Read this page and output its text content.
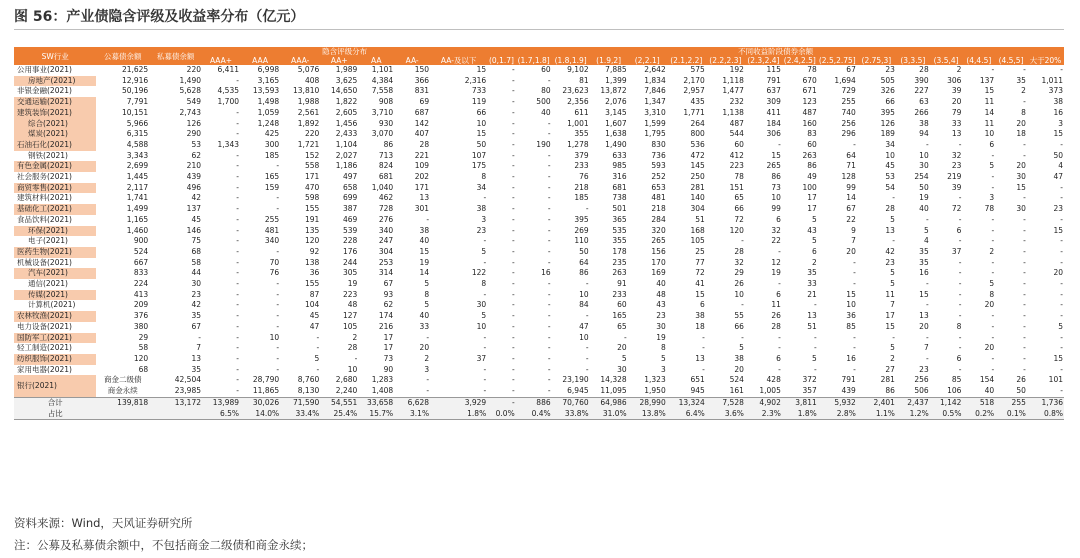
图 56：产业债隐含评级及收益率分布（亿元）
SW行业	公募债余额	私募债余额	隐含评级分布							不同收益阶段债券余额															
			AAA+	AAA	AAA-	AA+	AA	AA-	AA-及以下	(0,1.7]	(1.7,1.8]	(1.8,1.9]	(1.9,2]	(2,2.1]	(2.1,2.2]	(2.2,2.3]	(2.3,2.4]	(2.4,2.5]	(2.5,2.75]	(2.75,3]	(3,3.5]	(3.5,4]	(4,4.5]	(4.5,5]	大于20%
公用事业(2021)	21,625	220	6,411	6,998	5,076	1,989	1,101	150	15	-	60	9,102	7,885	2,642	575	192	115	78	67	23	28	2	-	-	-
房地产(2021)	12,916	1,490	-	3,165	408	3,625	4,384	366	2,316	-	-	81	1,399	1,834	2,170	1,118	791	670	1,694	505	390	306	137	35	1,011
非银金融(2021)	50,196	5,628	4,535	13,593	13,810	14,650	7,558	831	733	-	80	23,623	13,872	7,846	2,957	1,477	637	671	729	326	227	39	15	2	373
交通运输(2021)	7,791	549	1,700	1,498	1,988	1,822	908	69	119	-	500	2,356	2,076	1,347	435	232	309	123	255	66	63	20	11	-	38
建筑装饰(2021)	10,151	2,743	-	1,059	2,561	2,605	3,710	687	66	-	40	611	3,145	3,310	1,771	1,138	411	487	740	395	266	79	14	8	16
综合(2021)	5,966	126	-	1,248	1,892	1,456	930	142	10	-	-	1,001	1,607	1,599	264	487	184	160	256	126	38	33	11	20	3
煤炭(2021)	6,315	290	-	425	220	2,433	3,070	407	15	-	-	355	1,638	1,795	800	544	306	83	296	189	94	13	10	18	15
石油石化(2021)	4,588	53	1,343	300	1,721	1,104	86	28	50	-	190	1,278	1,490	830	536	60	-	60	-	34	-	-	6	-	-
钢铁(2021)	3,343	62	-	185	152	2,027	713	221	107	-	-	379	633	736	472	412	15	263	64	10	10	32	-	-	50
有色金属(2021)	2,699	210	-	-	558	1,186	824	109	175	-	-	233	985	593	145	223	265	86	71	45	30	23	5	20	4
社会服务(2021)	1,445	439	-	165	171	497	681	202	8	-	-	76	316	252	250	78	86	49	128	53	254	219	-	30	47
商贸零售(2021)	2,117	496	-	159	470	658	1,040	171	34	-	-	218	681	653	281	151	73	100	99	54	50	39	-	15	-
建筑材料(2021)	1,741	42	-	-	598	699	462	13	-	-	-	185	738	481	140	65	10	17	14	-	19	-	3	-	-
基础化工(2021)	1,499	137	-	-	155	387	728	301	38	-	-	-	501	218	304	66	99	17	67	28	40	72	78	30	23
食品饮料(2021)	1,165	45	-	255	191	469	276	-	3	-	-	395	365	284	51	72	6	5	22	5	-	-	-	-	-
环保(2021)	1,460	146	-	481	135	539	340	38	23	-	-	269	535	320	168	120	32	43	9	13	5	6	-	-	15
电子(2021)	900	75	-	340	120	228	247	40	-	-	-	110	355	265	105	-	22	5	7	-	4	-	-	-	-
医药生物(2021)	524	68	-	-	92	176	304	15	5	-	-	50	178	156	25	28	-	6	20	42	35	37	2	-	-
机械设备(2021)	667	58	-	70	138	244	253	19	-	-	-	64	235	170	77	32	12	2	-	23	35	-	-	-	-
汽车(2021)	833	44	-	76	36	305	314	14	122	-	16	86	263	169	72	29	19	35	-	5	16	-	-	-	20
通信(2021)	224	30	-	-	155	19	67	5	8	-	-	-	91	40	41	26	-	33	-	5	-	-	5	-	-
传媒(2021)	413	23	-	-	87	223	93	8	-	-	-	10	233	48	15	10	6	21	15	11	15	-	8	-	-
计算机(2021)	209	42	-	-	104	48	62	5	30	-	-	84	60	43	6	-	11	-	10	7	-	-	20	-	-
农林牧渔(2021)	376	35	-	-	45	127	174	40	5	-	-	-	165	23	38	55	26	13	36	17	13	-	-	-	-
电力设备(2021)	380	67	-	-	47	105	216	33	10	-	-	47	65	30	18	66	28	51	85	15	20	8	-	-	5
国防军工(2021)	29	-	-	10	-	2	17	-	-	-	-	10	-	19	-	-	-	-	-	-	-	-	-	-	-
轻工制造(2021)	58	7	-	-	-	28	17	20	-	-	-	-	20	8	-	5	-	-	-	5	7	-	20	-	-
纺织服饰(2021)	120	13	-	-	5	-	73	2	37	-	-	-	5	5	13	38	6	5	16	2	-	6	-	-	15
家用电器(2021)	68	35	-	-	-	10	90	3	-	-	-	-	30	3	-	20	-	-	-	27	23	-	-	-	-
银行(2021)	商金二级债	42,504	-	28,790	8,760	2,680	1,283	-	-	-	-	23,190	14,328	1,323	651	524	428	372	791	281	256	85	154	26	101
	商金永续	23,985	-	11,865	8,130	2,240	1,408	-	-	-	-	6,945	11,095	1,950	945	161	1,005	357	439	86	506	106	40	50	-
合计	139,818	13,172	13,989	30,026	71,590	54,551	33,658	6,628	3,929	-	886	70,760	64,986	28,990	13,324	7,528	4,902	3,811	5,932	2,401	2,437	1,142	518	255	1,736
占比			6.5%	14.0%	33.4%	25.4%	15.7%	3.1%	1.8%	0.0%	0.4%	33.8%	31.0%	13.8%	6.4%	3.6%	2.3%	1.8%	2.8%	1.1%	1.2%	0.5%	0.2%	0.1%	0.8%
资料来源：Wind，天风证券研究所
注：公募及私募债余额中，不包括商金二级债和商金永续；
